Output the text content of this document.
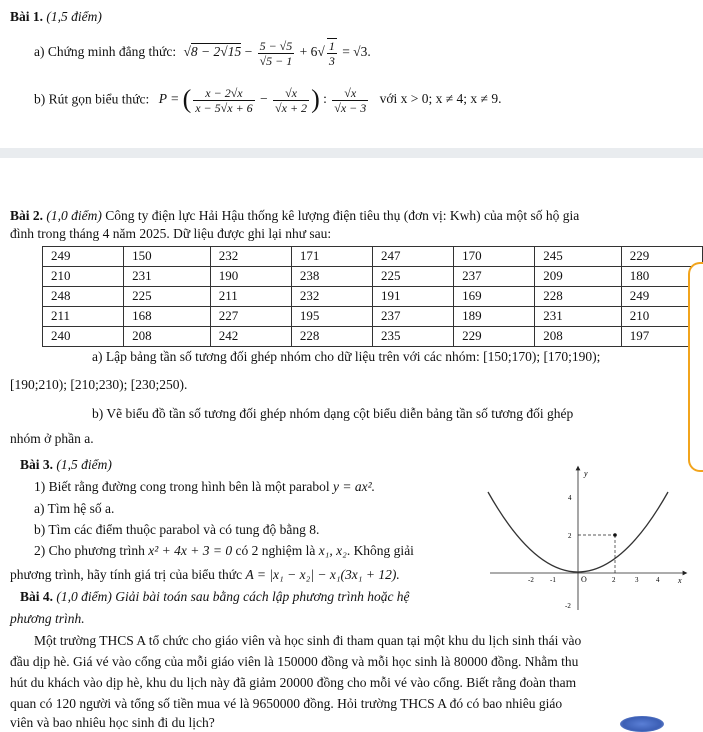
Bài 1. (1,5 điểm)
a) Chứng minh đẳng thức: $√8 - 2√15 - \frac{5 - √5}{√5 - 1} + 6√ \frac{1}{3} = √3$.
b) Rút gọn biểu thức: P = ( $\frac{x - 2√x}{x - 5√x + 6} - \frac{√x}{√x + 2}$ ) : $\frac{√x}{√x - 3}$ với x > 0; x ≠ 4; x ≠ 9.
Bài 2. (1,0 điểm) Công ty điện lực Hải Hậu thống kê lượng điện tiêu thụ (đơn vị: Kwh) của một số hộ gia
đình trong tháng 4 năm 2025. Dữ liệu được ghi lại như sau:
249	150	232	171	247	170	245	229
210	231	190	238	225	237	209	180
248	225	211	232	191	169	228	249
211	168	227	195	237	189	231	210
240	208	242	228	235	229	208	197
a) Lập bảng tần số tương đối ghép nhóm cho dữ liệu trên với các nhóm: [150;170); [170;190);
[190;210); [210;230); [230;250).
b) Vẽ biểu đồ tần số tương đối ghép nhóm dạng cột biểu diễn bảng tần số tương đối ghép
nhóm ở phần a.
Bài 3. (1,5 điểm)
1) Biết rằng đường cong trong hình bên là một parabol y = ax².
a) Tìm hệ số a.
b) Tìm các điểm thuộc parabol và có tung độ bằng 8.
2) Cho phương trình x² + 4x + 3 = 0 có 2 nghiệm là x₁, x₂. Không giải
phương trình, hãy tính giá trị của biểu thức A = |x₁ − x₂| − x₁(3x₁ + 12).
y
x
O
-2 -1	2	3	4
4
2
-2
Bài 4. (1,0 điểm) Giải bài toán sau bằng cách lập phương trình hoặc hệ
phương trình.
Một trường THCS A tổ chức cho giáo viên và học sinh đi tham quan tại một khu du lịch sinh thái vào
đầu dịp hè. Giá vé vào cổng của mỗi giáo viên là 150000 đồng và mỗi học sinh là 80000 đồng. Nhằm thu
hút du khách vào dịp hè, khu du lịch này đã giảm 20000 đồng cho mỗi vé vào cổng. Biết rằng đoàn tham
quan có 120 người và tổng số tiền mua vé là 9650000 đồng. Hỏi trường THCS A đó có bao nhiêu giáo
viên và bao nhiêu học sinh đi du lịch?
